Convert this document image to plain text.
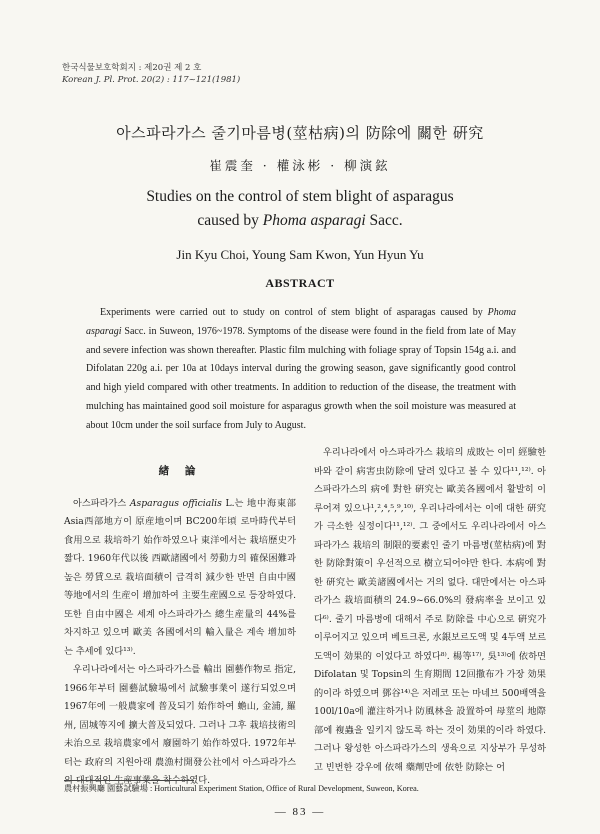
한국식물보호학회지 : 제20권 제 2 호
Korean J. Pl. Prot. 20(2) : 117~121(1981)
아스파라가스 줄기마름병(莖枯病)의 防除에 關한 硏究
崔震奎 · 權泳彬 · 柳演鉉
Studies on the control of stem blight of asparagus
caused by Phoma asparagi Sacc.
Jin Kyu Choi, Young Sam Kwon, Yun Hyun Yu
ABSTRACT
Experiments were carried out to study on control of stem blight of asparagas caused by Phoma asparagi Sacc. in Suweon, 1976~1978. Symptoms of the disease were found in the field from late of May and severe infection was shown thereafter. Plastic film mulching with foliage spray of Topsin 154g a.i. and Difolatan 220g a.i. per 10a at 10days interval during the growing season, gave significantly good control and high yield compared with other treatments. In addition to reduction of the disease, the treatment with mulching has maintained good soil moisture for asparagus growth when the soil moisture was measured at about 10cm under the soil surface from July to August.
緖 論

아스파라가스 Asparagus officialis L.는 地中海東部 Asia西部地方이 原産地이며 BC200年頃 로마時代부터 食用으로 栽培하기 始作하였으나 東洋에서는 栽培歷史가 짧다. 1960年代以後 西歐諸國에서 勞動力의 確保困難과 높은 勞賃으로 栽培面積이 급격히 減少한 반면 自由中國等地에서의 生産이 增加하여 主要生産國으로 등장하였다. 또한 自由中國은 세계 아스파라가스 總生産量의 44%를 차지하고 있으며 歐美 各國에서의 輸入量은 계속 增加하는 추세에 있다¹³⁾.

우리나라에서는 아스파라가스를 輸出 園藝作物로 指定, 1966年부터 園藝試驗場에서 試驗事業이 遂行되었으며 1967年에 一般農家에 普及되기 始作하여 蟾山, 金浦, 羅州, 固城等지에 擴大普及되었다. 그러나 그후 栽培技術의 未治으로 栽培農家에서 廢園하기 始作하였다. 1972年부터는 政府의 지원아래 農漁村開發公社에서 아스파라가스의 대대적인 生産事業을 착수하였다.

우리나라에서 아스파라가스 栽培의 成敗는 이미 經驗한 바와 같이 病害虫防除에 달려 있다고 볼 수 있다¹¹,¹²⁾. 아스파라가스의 病에 對한 硏究는 歐美各國에서 활발히 이루어져 있으나¹,²,⁴,⁵,⁹,¹⁰⁾, 우리나라에서는 이에 대한 硏究가 극소한 실정이다¹¹,¹²⁾. 그 중에서도 우리나라에서 아스파라가스 栽培의 制限的要素인 줄기 마름병(莖枯病)에 對한 防除對策이 우선적으로 樹立되어야만 한다. 本病에 對한 硏究는 歐美諸國에서는 거의 없다. 대만에서는 아스파라가스 栽培面積의 24.9~66.0%의 發病率을 보이고 있다⁶⁾. 줄기 마름병에 대해서 주로 防除를 中心으로 硏究가 이루어지고 있으며 베트크론, 水銀보르도액 및 4두액 보르도액이 効果的 이었다고 하였다⁸⁾. 楊等¹⁷⁾, 吳¹³⁾에 依하면 Difolatan 및 Topsin의 生育期間 12回撒布가 가장 効果的이라 하였으며 鄧谷¹⁴⁾은 저레코 또는 마네브 500배액을 100l/10a에 灌注하거나 防風林을 設置하여 母莖의 地際部에 複蟲을 일키지 않도록 하는 것이 効果的이라 하였다. 그러나 왕성한 아스파라가스의 생육으로 지상부가 무성하고 빈번한 강우에 依해 藥劑만에 依한 防除는 어

農村振興廳 園藝試驗場 : Horticultural Experiment Station, Office of Rural Development, Suweon, Korea.
— 83 —
